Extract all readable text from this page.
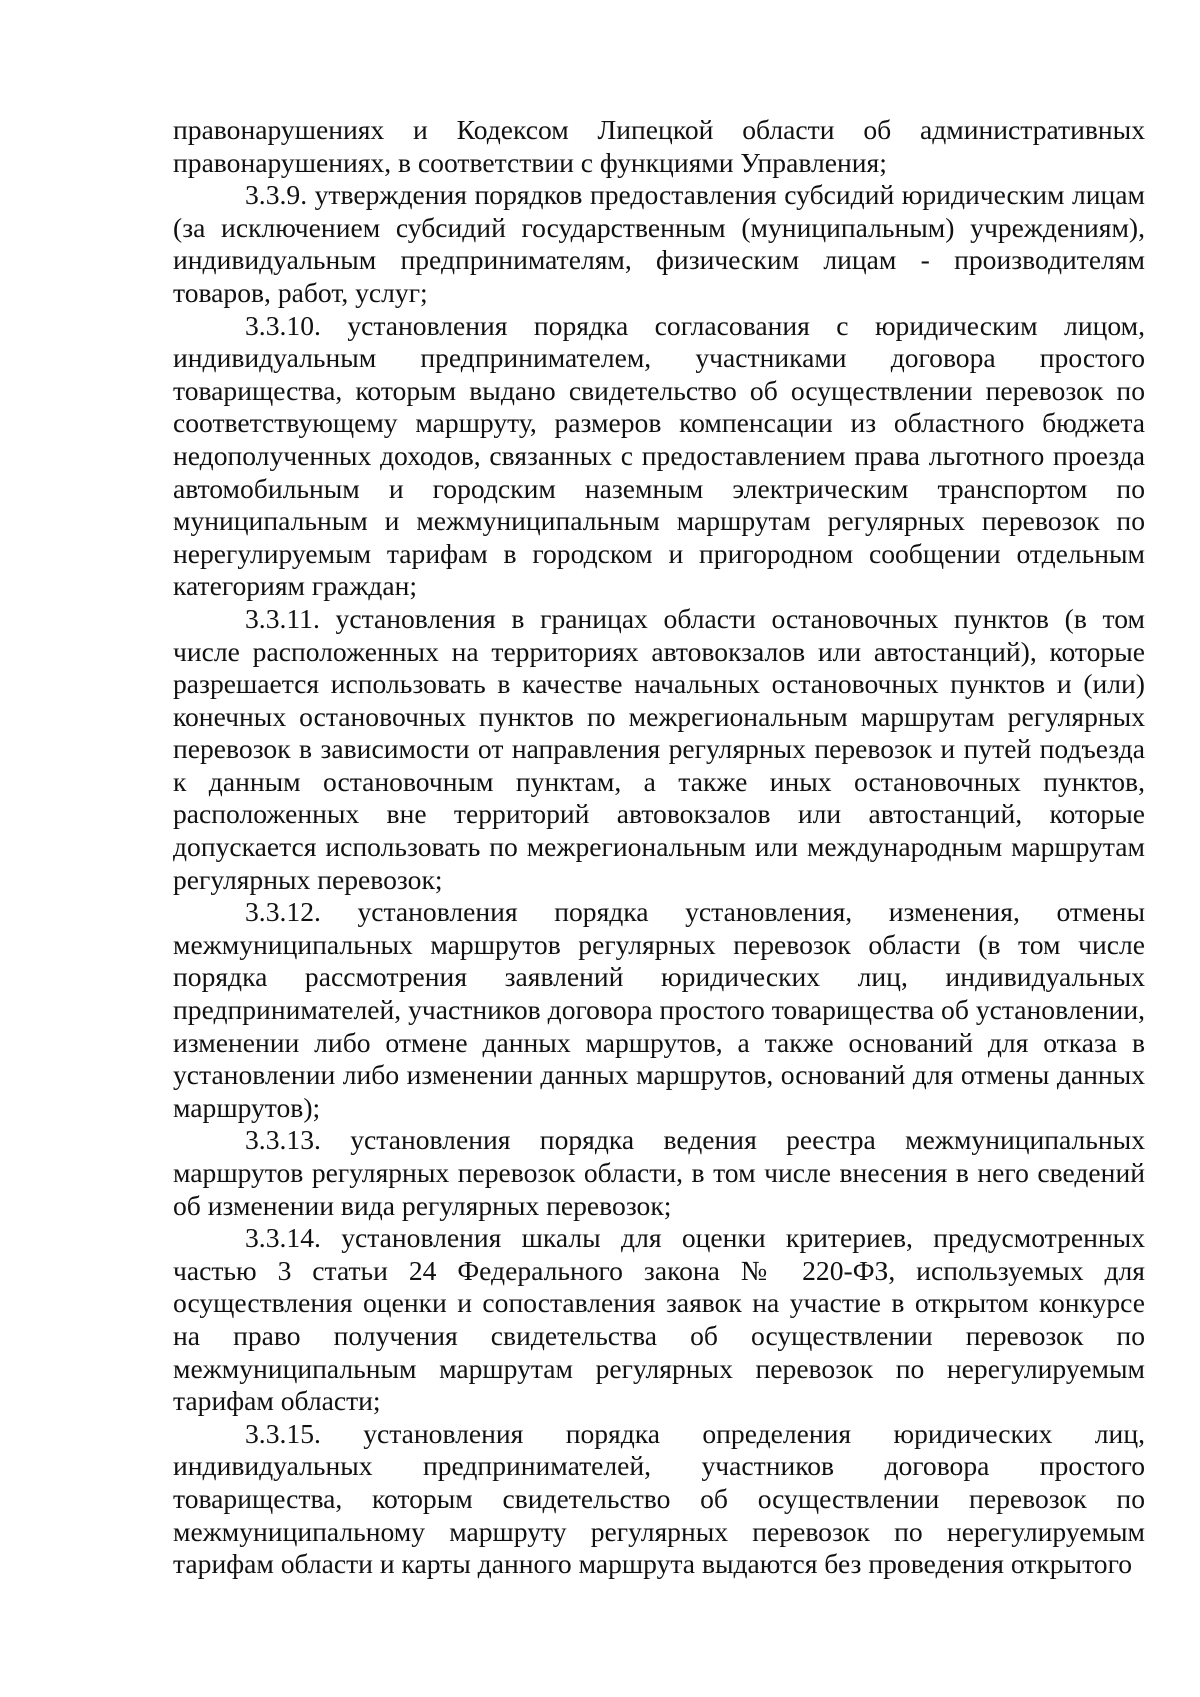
правонарушениях и Кодексом Липецкой области об административных правонарушениях, в соответствии с функциями Управления;

3.3.9. утверждения порядков предоставления субсидий юридическим лицам (за исключением субсидий государственным (муниципальным) учреждениям), индивидуальным предпринимателям, физическим лицам - производителям товаров, работ, услуг;

3.3.10. установления порядка согласования с юридическим лицом, индивидуальным предпринимателем, участниками договора простого товарищества, которым выдано свидетельство об осуществлении перевозок по соответствующему маршруту, размеров компенсации из областного бюджета недополученных доходов, связанных с предоставлением права льготного проезда автомобильным и городским наземным электрическим транспортом по муниципальным и межмуниципальным маршрутам регулярных перевозок по нерегулируемым тарифам в городском и пригородном сообщении отдельным категориям граждан;

3.3.11. установления в границах области остановочных пунктов (в том числе расположенных на территориях автовокзалов или автостанций), которые разрешается использовать в качестве начальных остановочных пунктов и (или) конечных остановочных пунктов по межрегиональным маршрутам регулярных перевозок в зависимости от направления регулярных перевозок и путей подъезда к данным остановочным пунктам, а также иных остановочных пунктов, расположенных вне территорий автовокзалов или автостанций, которые допускается использовать по межрегиональным или международным маршрутам регулярных перевозок;

3.3.12. установления порядка установления, изменения, отмены межмуниципальных маршрутов регулярных перевозок области (в том числе порядка рассмотрения заявлений юридических лиц, индивидуальных предпринимателей, участников договора простого товарищества об установлении, изменении либо отмене данных маршрутов, а также оснований для отказа в установлении либо изменении данных маршрутов, оснований для отмены данных маршрутов);

3.3.13. установления порядка ведения реестра межмуниципальных маршрутов регулярных перевозок области, в том числе внесения в него сведений об изменении вида регулярных перевозок;

3.3.14. установления шкалы для оценки критериев, предусмотренных частью 3 статьи 24 Федерального закона № 220-ФЗ, используемых для осуществления оценки и сопоставления заявок на участие в открытом конкурсе на право получения свидетельства об осуществлении перевозок по межмуниципальным маршрутам регулярных перевозок по нерегулируемым тарифам области;

3.3.15. установления порядка определения юридических лиц, индивидуальных предпринимателей, участников договора простого товарищества, которым свидетельство об осуществлении перевозок по межмуниципальному маршруту регулярных перевозок по нерегулируемым тарифам области и карты данного маршрута выдаются без проведения открытого
